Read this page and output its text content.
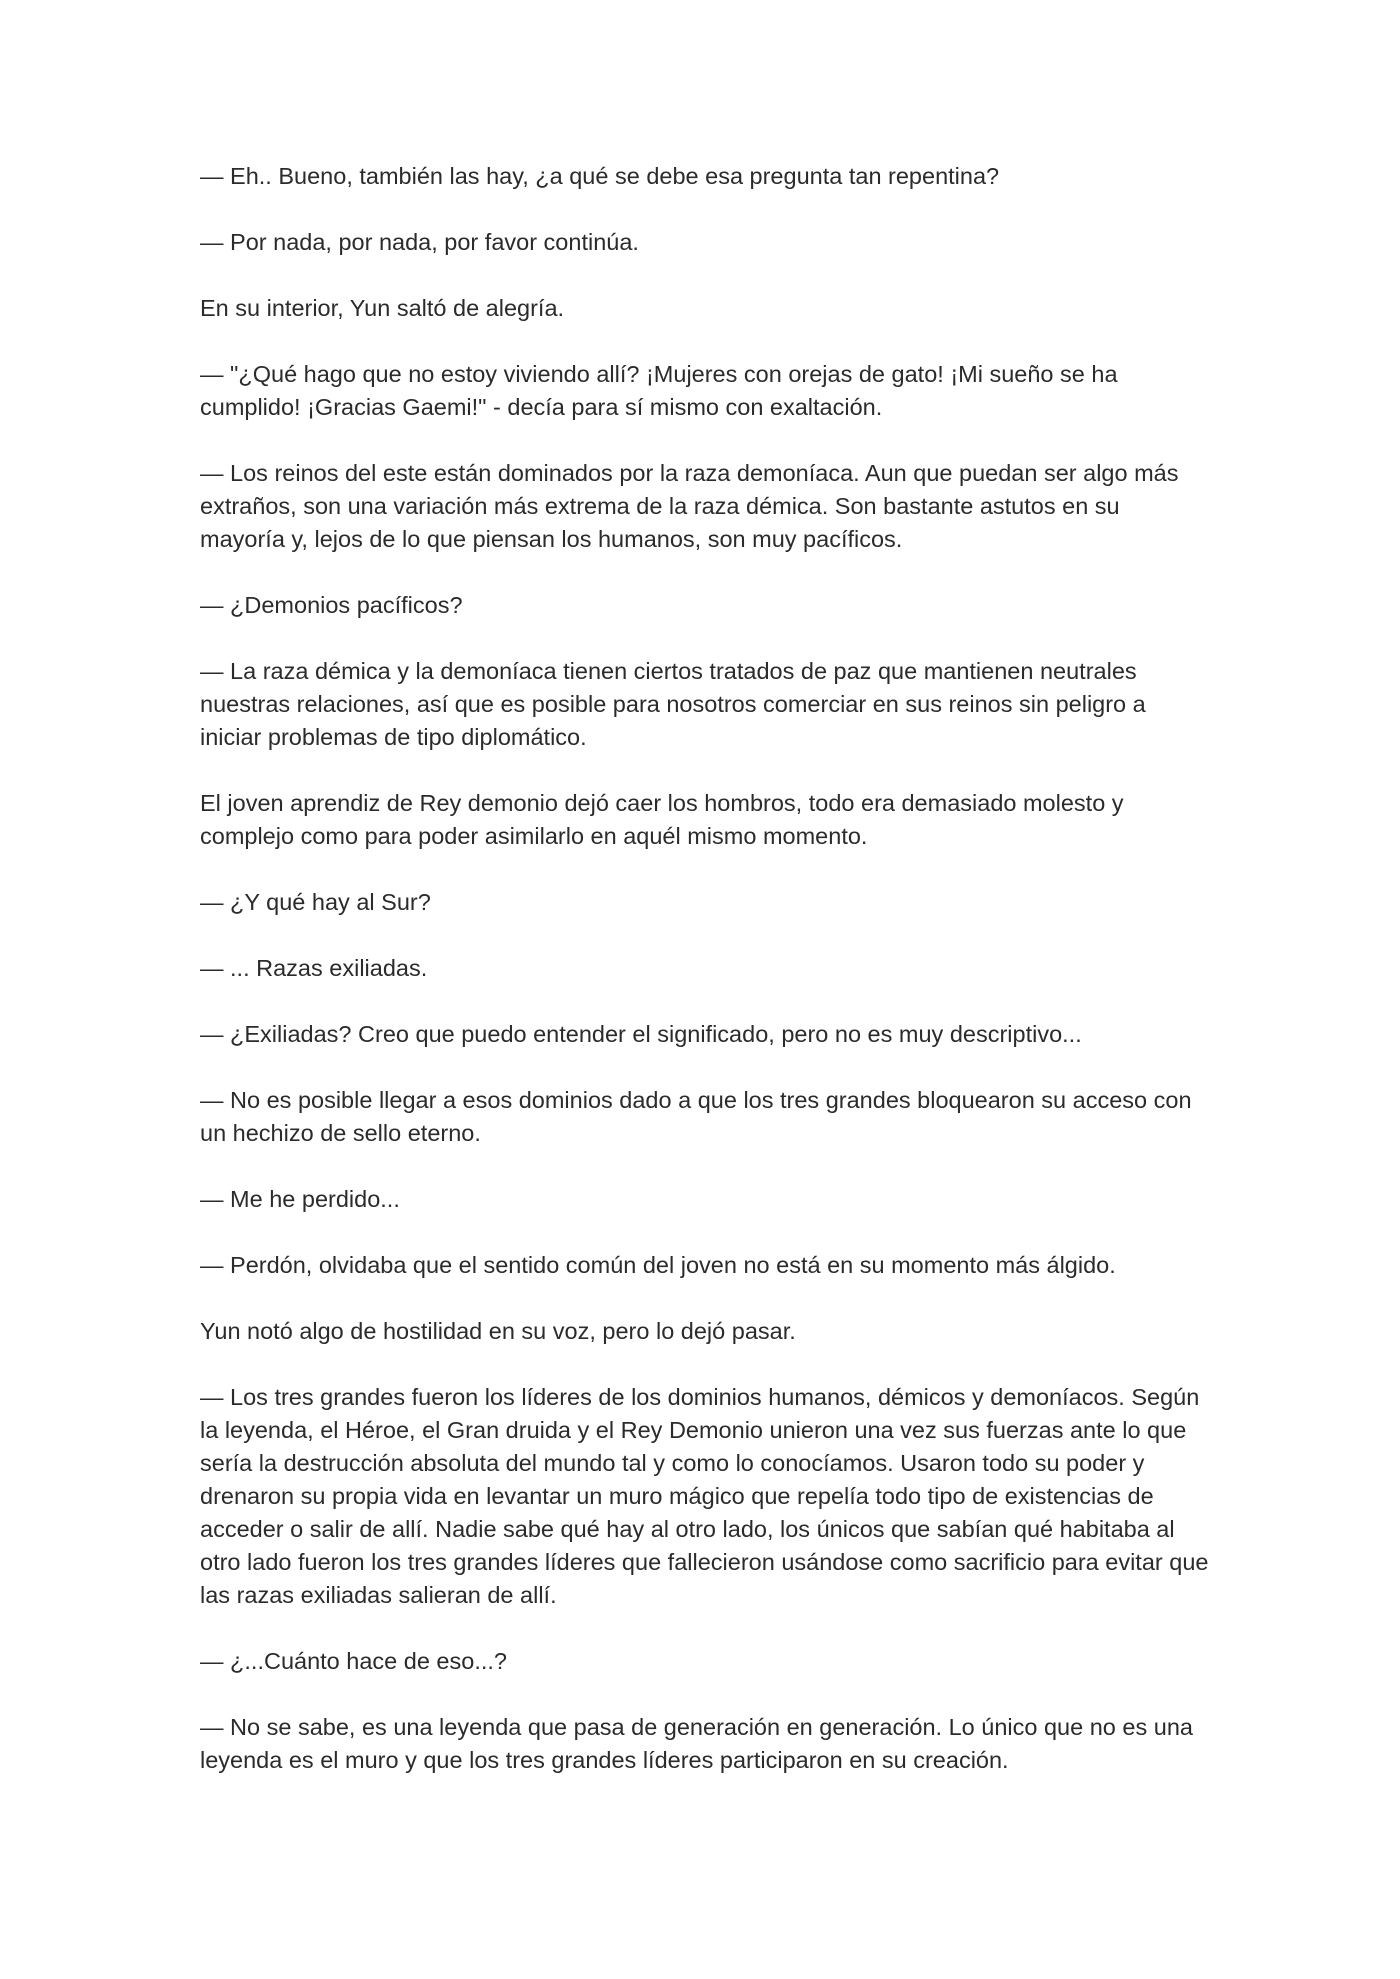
— Eh.. Bueno, también las hay, ¿a qué se debe esa pregunta tan repentina?

— Por nada, por nada, por favor continúa.

En su interior, Yun saltó de alegría.

— "¿Qué hago que no estoy viviendo allí? ¡Mujeres con orejas de gato! ¡Mi sueño se ha cumplido! ¡Gracias Gaemi!" - decía para sí mismo con exaltación.

— Los reinos del este están dominados por la raza demoníaca. Aun que puedan ser algo más extraños, son una variación más extrema de la raza démica. Son bastante astutos en su mayoría y, lejos de lo que piensan los humanos, son muy pacíficos.

— ¿Demonios pacíficos?

— La raza démica y la demoníaca tienen ciertos tratados de paz que mantienen neutrales nuestras relaciones, así que es posible para nosotros comerciar en sus reinos sin peligro a iniciar problemas de tipo diplomático.

El joven aprendiz de Rey demonio dejó caer los hombros, todo era demasiado molesto y complejo como para poder asimilarlo en aquél mismo momento.

— ¿Y qué hay al Sur?

— ... Razas exiliadas.

— ¿Exiliadas? Creo que puedo entender el significado, pero no es muy descriptivo...

— No es posible llegar a esos dominios dado a que los tres grandes bloquearon su acceso con un hechizo de sello eterno.

— Me he perdido...

— Perdón, olvidaba que el sentido común del joven no está en su momento más álgido.

Yun notó algo de hostilidad en su voz, pero lo dejó pasar.

— Los tres grandes fueron los líderes de los dominios humanos, démicos y demoníacos. Según la leyenda, el Héroe, el Gran druida y el Rey Demonio unieron una vez sus fuerzas ante lo que sería la destrucción absoluta del mundo tal y como lo conocíamos. Usaron todo su poder y drenaron su propia vida en levantar un muro mágico que repelía todo tipo de existencias de acceder o salir de allí. Nadie sabe qué hay al otro lado, los únicos que sabían qué habitaba al otro lado fueron los tres grandes líderes que fallecieron usándose como sacrificio para evitar que las razas exiliadas salieran de allí.

— ¿...Cuánto hace de eso...?

— No se sabe, es una leyenda que pasa de generación en generación. Lo único que no es una leyenda es el muro y que los tres grandes líderes participaron en su creación.
